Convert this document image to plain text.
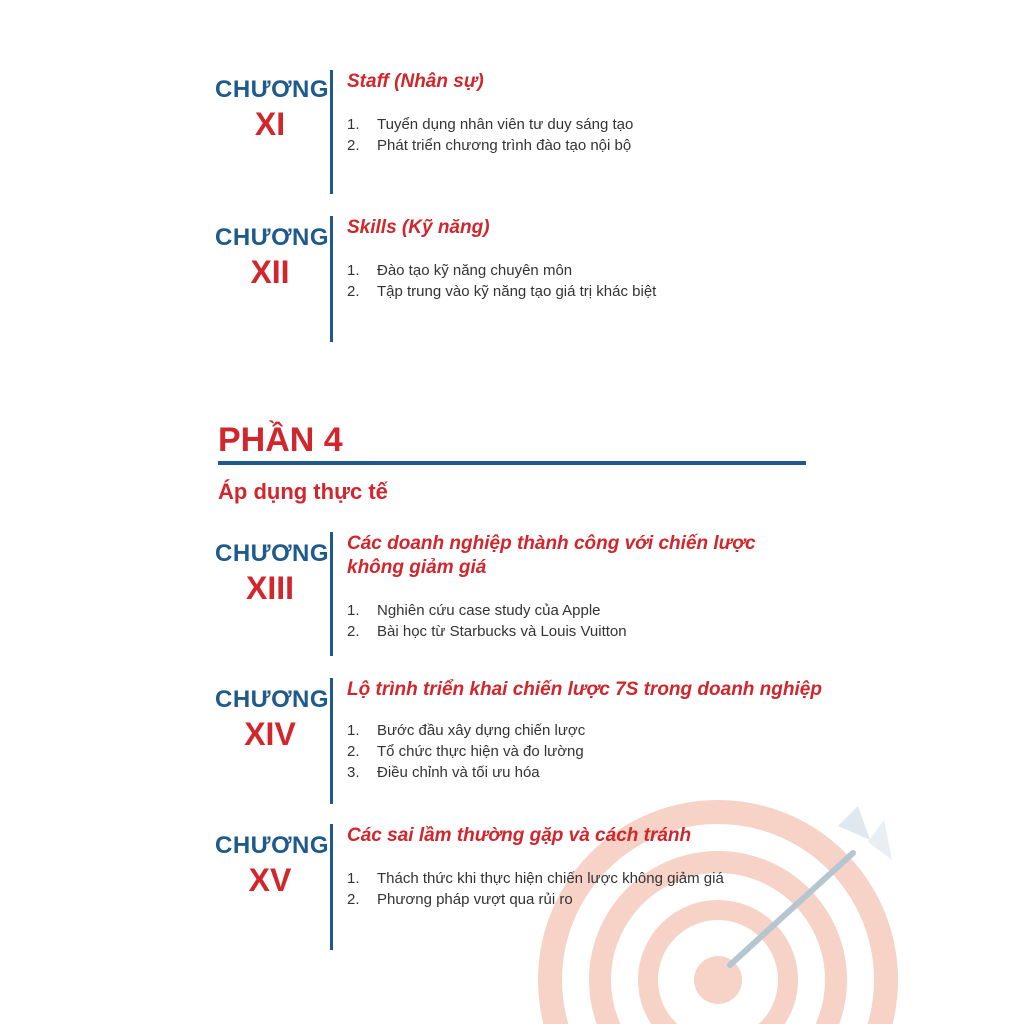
CHƯƠNG
XI
Staff (Nhân sự)
1. Tuyển dụng nhân viên tư duy sáng tạo
2. Phát triển chương trình đào tạo nội bộ
CHƯƠNG
XII
Skills (Kỹ năng)
1. Đào tạo kỹ năng chuyên môn
2. Tập trung vào kỹ năng tạo giá trị khác biệt
PHẦN 4
Áp dụng thực tế
CHƯƠNG
XIII
Các doanh nghiệp thành công với chiến lược
không giảm giá
1. Nghiên cứu case study của Apple
2. Bài học từ Starbucks và Louis Vuitton
CHƯƠNG
XIV
Lộ trình triển khai chiến lược 7S trong doanh nghiệp
1. Bước đầu xây dựng chiến lược
2. Tổ chức thực hiện và đo lường
3. Điều chỉnh và tối ưu hóa
CHƯƠNG
XV
Các sai lầm thường gặp và cách tránh
1. Thách thức khi thực hiện chiến lược không giảm giá
2. Phương pháp vượt qua rủi ro
